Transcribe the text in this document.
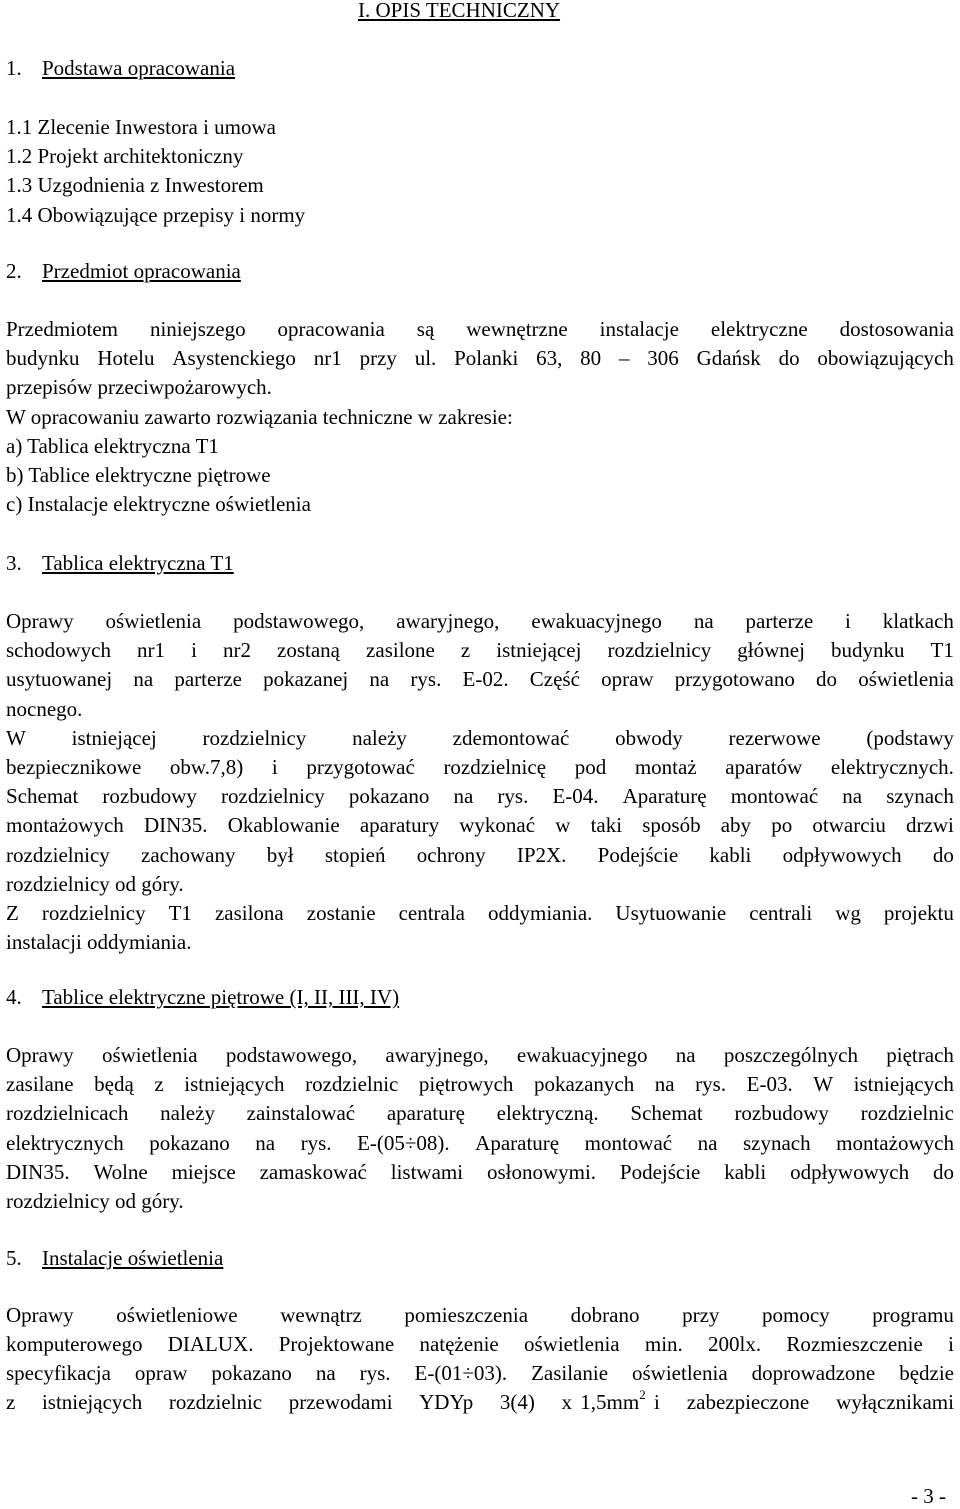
I. OPIS TECHNICZNY
1. Podstawa opracowania
1.1 Zlecenie Inwestora i umowa
1.2 Projekt architektoniczny
1.3 Uzgodnienia z Inwestorem
1.4 Obowiązujące przepisy i normy
2. Przedmiot opracowania
Przedmiotem niniejszego opracowania są wewnętrzne instalacje elektryczne dostosowania
budynku Hotelu Asystenckiego nr1 przy ul. Polanki 63, 80 – 306 Gdańsk do obowiązujących
przepisów przeciwpożarowych.
W opracowaniu zawarto rozwiązania techniczne w zakresie:
a) Tablica elektryczna T1
b) Tablice elektryczne piętrowe
c) Instalacje elektryczne oświetlenia
3. Tablica elektryczna T1
Oprawy oświetlenia podstawowego, awaryjnego, ewakuacyjnego na parterze i klatkach
schodowych nr1 i nr2 zostaną zasilone z istniejącej rozdzielnicy głównej budynku T1
usytuowanej na parterze pokazanej na rys. E-02. Część opraw przygotowano do oświetlenia
nocnego.
W istniejącej rozdzielnicy należy zdemontować obwody rezerwowe (podstawy
bezpiecznikowe obw.7,8) i przygotować rozdzielnicę pod montaż aparatów elektrycznych.
Schemat rozbudowy rozdzielnicy pokazano na rys. E-04. Aparaturę montować na szynach
montażowych DIN35. Okablowanie aparatury wykonać w taki sposób aby po otwarciu drzwi
rozdzielnicy zachowany był stopień ochrony IP2X. Podejście kabli odpływowych do
rozdzielnicy od góry.
Z rozdzielnicy T1 zasilona zostanie centrala oddymiania. Usytuowanie centrali wg projektu
instalacji oddymiania.
4. Tablice elektryczne piętrowe (I, II, III, IV)
Oprawy oświetlenia podstawowego, awaryjnego, ewakuacyjnego na poszczególnych piętrach
zasilane będą z istniejących rozdzielnic piętrowych pokazanych na rys. E-03. W istniejących
rozdzielnicach należy zainstalować aparaturę elektryczną. Schemat rozbudowy rozdzielnic
elektrycznych pokazano na rys. E-(05÷08). Aparaturę montować na szynach montażowych
DIN35. Wolne miejsce zamaskować listwami osłonowymi. Podejście kabli odpływowych do
rozdzielnicy od góry.
5. Instalacje oświetlenia
Oprawy oświetleniowe wewnątrz pomieszczenia dobrano przy pomocy programu
komputerowego DIALUX. Projektowane natężenie oświetlenia min. 200lx. Rozmieszczenie i
specyfikacja opraw pokazano na rys. E-(01÷03). Zasilanie oświetlenia doprowadzone będzie
z istniejących rozdzielnic przewodami YDYp 3(4) x $1,5mm^2$ i zabezpieczone wyłącznikami
- 3 -
